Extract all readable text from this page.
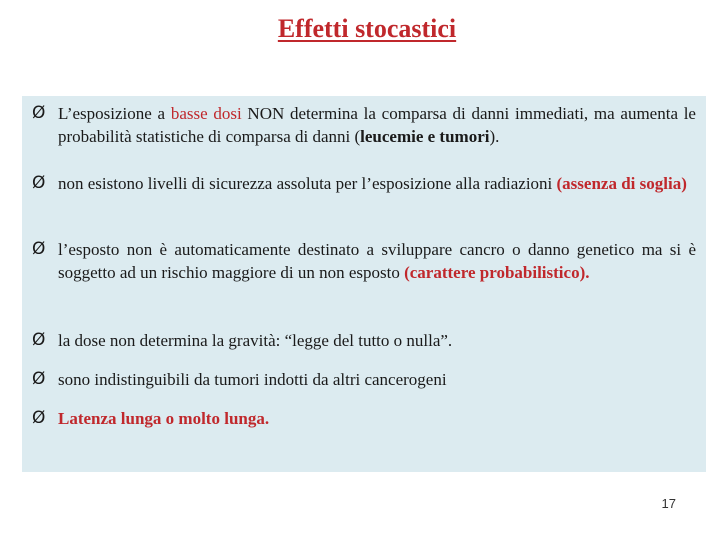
Effetti stocastici
Ø L’esposizione a basse dosi NON determina la comparsa di danni immediati, ma aumenta le probabilità statistiche di comparsa di danni (leucemie e tumori).
Ø non esistono livelli di sicurezza assoluta per l’esposizione alla radiazioni (assenza di soglia)
Ø l’esposto non è automaticamente destinato a sviluppare cancro o danno genetico ma si è soggetto ad un rischio maggiore di un non esposto (carattere probabilistico).
Ø la dose non determina la gravità: “legge del tutto o nulla”.
Ø sono indistinguibili da tumori indotti da altri cancerogeni
Ø Latenza lunga o molto lunga.
17
